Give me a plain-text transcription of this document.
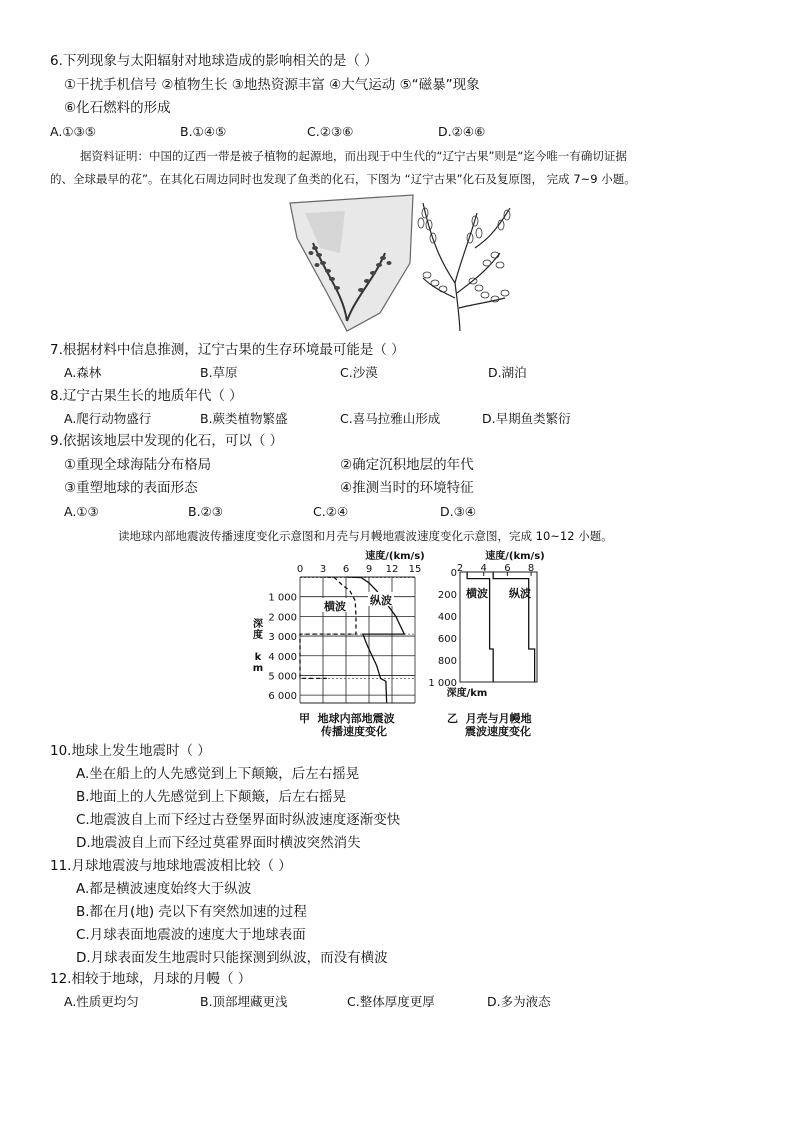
6.下列现象与太阳辐射对地球造成的影响相关的是（ ）
①干扰手机信号 ②植物生长 ③地热资源丰富 ④大气运动 ⑤“磁暴”现象
⑥化石燃料的形成
A.①③⑤	B.①④⑤	C.②③⑥	D.②④⑥
据资料证明：中国的辽西一带是被子植物的起源地，而出现于中生代的“辽宁古果”则是“迄今唯一有确切证据
的、全球最早的花”。在其化石周边同时也发现了鱼类的化石，下图为 “辽宁古果”化石及复原图， 完成 7~9 小题。
7.根据材料中信息推测，辽宁古果的生存环境最可能是（ ）
A.森林	B.草原	C.沙漠	D.湖泊
8.辽宁古果生长的地质年代（ ）
A.爬行动物盛行	B.蕨类植物繁盛	C.喜马拉雅山形成	D.早期鱼类繁衍
9.依据该地层中发现的化石，可以（ ）
①重现全球海陆分布格局	②确定沉积地层的年代
③重塑地球的表面形态	④推测当时的环境特征
A.①③	B.②③	C.②④	D.③④
读地球内部地震波传播速度变化示意图和月壳与月幔地震波速度变化示意图，完成 10~12 小题。
速度/(km/s)
0 3 6 9 12 15
1 000
2 000
3 000
4 000
5 000
6 000
深
度
k
m
横波 纵波
甲 地球内部地震波
传播速度变化
速度/(km/s)
2 4 6 8
0
200
400
600
800
1 000
横波 纵波
深度/km
乙  月壳与月幔地
震波速度变化
10.地球上发生地震时（ ）
A.坐在船上的人先感觉到上下颠簸，后左右摇晃
B.地面上的人先感觉到上下颠簸，后左右摇晃
C.地震波自上而下经过古登堡界面时纵波速度逐渐变快
D.地震波自上而下经过莫霍界面时横波突然消失
11.月球地震波与地球地震波相比较（ ）
A.都是横波速度始终大于纵波
B.都在月(地) 壳以下有突然加速的过程
C.月球表面地震波的速度大于地球表面
D.月球表面发生地震时只能探测到纵波，而没有横波
12.相较于地球，月球的月幔（ ）
A.性质更均匀	B.顶部埋藏更浅	C.整体厚度更厚	D.多为液态
